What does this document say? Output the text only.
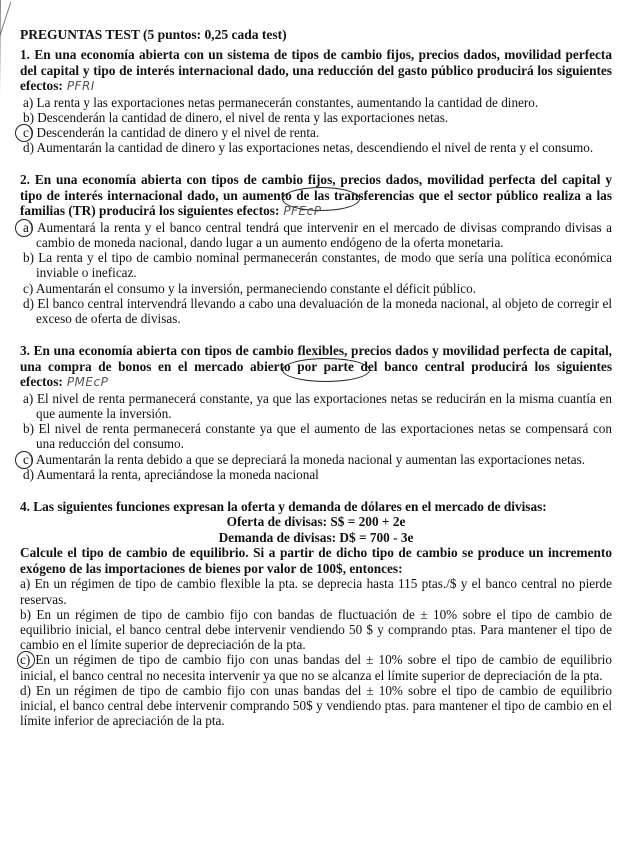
PREGUNTAS TEST (5 puntos: 0,25 cada test)

1. En una economía abierta con un sistema de tipos de cambio fijos, precios dados, movilidad perfecta del capital y tipo de interés internacional dado, una reducción del gasto público producirá los siguientes efectos: PFRI

a) La renta y las exportaciones netas permanecerán constantes, aumentando la cantidad de dinero.

b) Descenderán la cantidad de dinero, el nivel de renta y las exportaciones netas.

c) Descenderán la cantidad de dinero y el nivel de renta.

d) Aumentarán la cantidad de dinero y las exportaciones netas, descendiendo el nivel de renta y el consumo.

2. En una economía abierta con tipos de cambio fijos, precios dados, movilidad perfecta del capital y tipo de interés internacional dado, un aumento de las transferencias que el sector público realiza a las familias (TR) producirá los siguientes efectos: PFEcP

a) Aumentará la renta y el banco central tendrá que intervenir en el mercado de divisas comprando divisas a cambio de moneda nacional, dando lugar a un aumento endógeno de la oferta monetaria.

b) La renta y el tipo de cambio nominal permanecerán constantes, de modo que sería una política económica inviable o ineficaz.

c) Aumentarán el consumo y la inversión, permaneciendo constante el déficit público.

d) El banco central intervendrá llevando a cabo una devaluación de la moneda nacional, al objeto de corregir el exceso de oferta de divisas.

3. En una economía abierta con tipos de cambio flexibles, precios dados y movilidad perfecta de capital, una compra de bonos en el mercado abierto por parte del banco central producirá los siguientes efectos: PMEcP

a) El nivel de renta permanecerá constante, ya que las exportaciones netas se reducirán en la misma cuantía en que aumente la inversión.

b) El nivel de renta permanecerá constante ya que el aumento de las exportaciones netas se compensará con una reducción del consumo.

c) Aumentarán la renta debido a que se depreciará la moneda nacional y aumentan las exportaciones netas.

d) Aumentará la renta, apreciándose la moneda nacional

4. Las siguientes funciones expresan la oferta y demanda de dólares en el mercado de divisas:

Oferta de divisas: S$ = 200 + 2e

Demanda de divisas: D$ = 700 - 3e

Calcule el tipo de cambio de equilibrio. Si a partir de dicho tipo de cambio se produce un incremento exógeno de las importaciones de bienes por valor de 100$, entonces:

a) En un régimen de tipo de cambio flexible la pta. se deprecia hasta 115 ptas./$ y el banco central no pierde reservas.

b) En un régimen de tipo de cambio fijo con bandas de fluctuación de ± 10% sobre el tipo de cambio de equilibrio inicial, el banco central debe intervenir vendiendo 50 $ y comprando ptas. Para mantener el tipo de cambio en el límite superior de depreciación de la pta.

c) En un régimen de tipo de cambio fijo con unas bandas del ± 10% sobre el tipo de cambio de equilibrio inicial, el banco central no necesita intervenir ya que no se alcanza el límite superior de depreciación de la pta.

d) En un régimen de tipo de cambio fijo con unas bandas del ± 10% sobre el tipo de cambio de equilibrio inicial, el banco central debe intervenir comprando 50$ y vendiendo ptas. para mantener el tipo de cambio en el límite inferior de apreciación de la pta.
